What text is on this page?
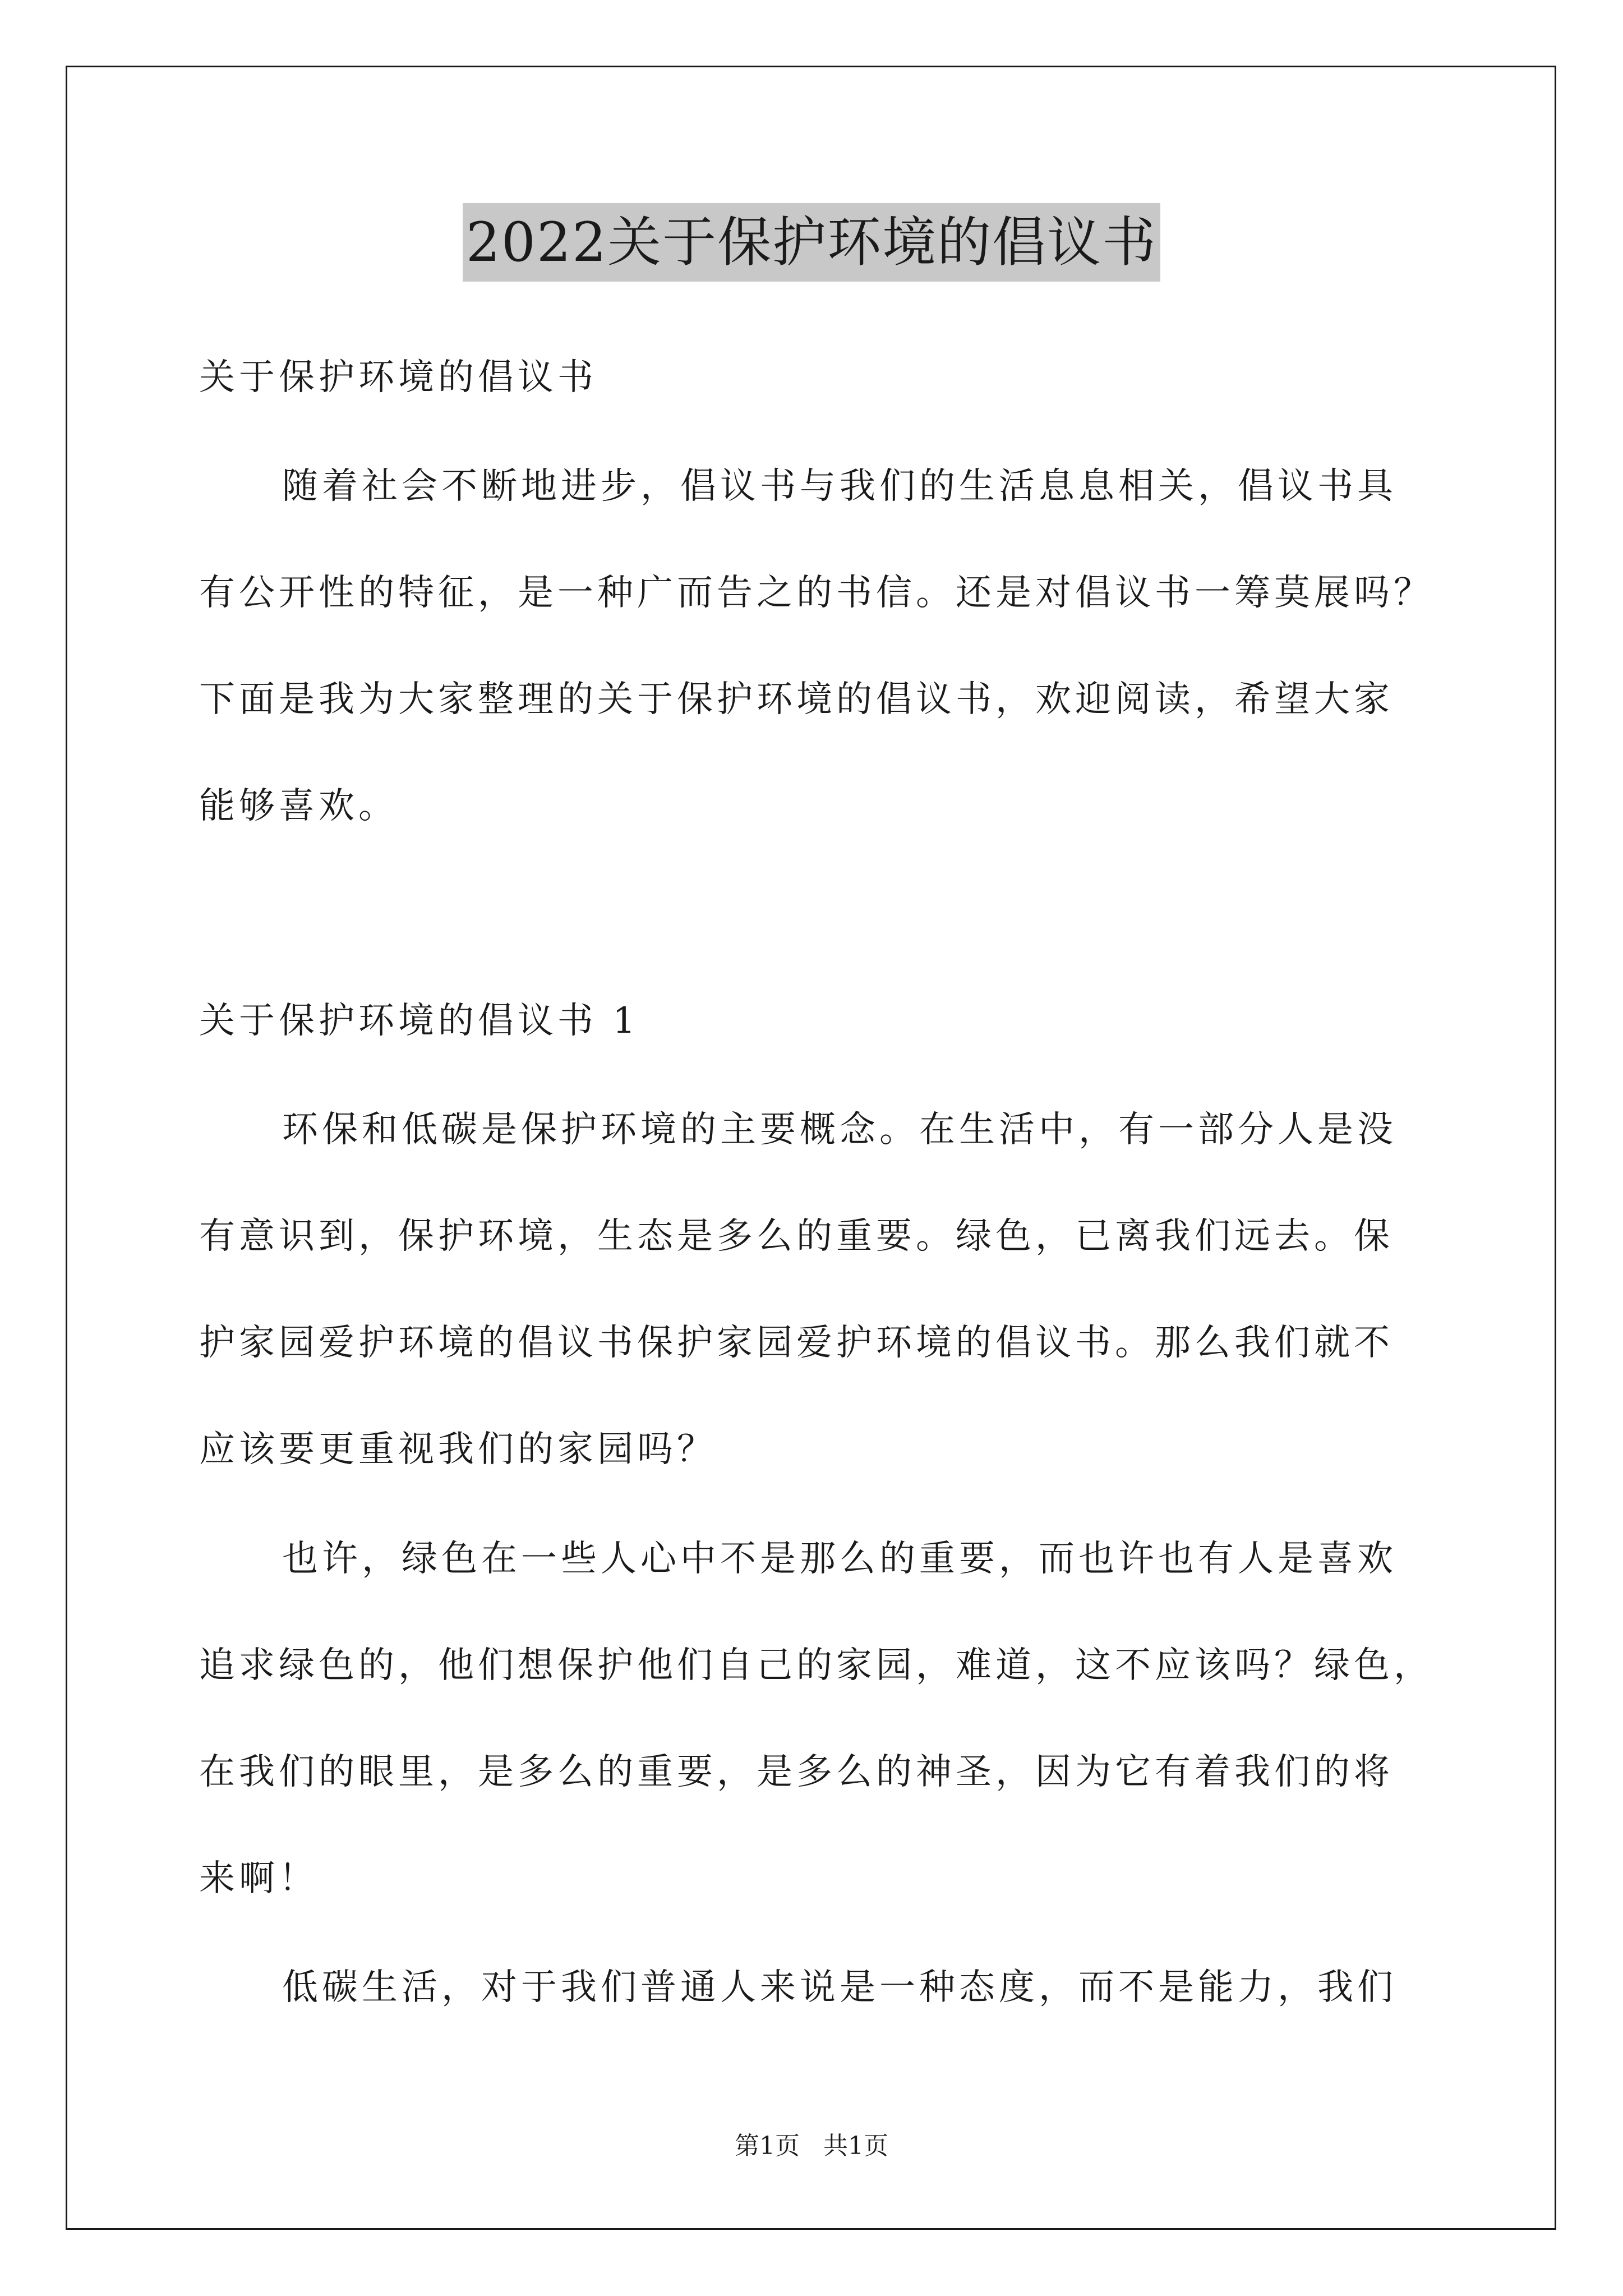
2022关于保护环境的倡议书
关于保护环境的倡议书
随着社会不断地进步，倡议书与我们的生活息息相关，倡议书具
有公开性的特征，是一种广而告之的书信。还是对倡议书一筹莫展吗？
下面是我为大家整理的关于保护环境的倡议书，欢迎阅读，希望大家
能够喜欢。
关于保护环境的倡议书 1
环保和低碳是保护环境的主要概念。在生活中，有一部分人是没
有意识到，保护环境，生态是多么的重要。绿色，已离我们远去。保
护家园爱护环境的倡议书保护家园爱护环境的倡议书。那么我们就不
应该要更重视我们的家园吗？
也许，绿色在一些人心中不是那么的重要，而也许也有人是喜欢
追求绿色的，他们想保护他们自己的家园，难道，这不应该吗？绿色，
在我们的眼里，是多么的重要，是多么的神圣，因为它有着我们的将
来啊！
低碳生活，对于我们普通人来说是一种态度，而不是能力，我们
第1页   共1页
